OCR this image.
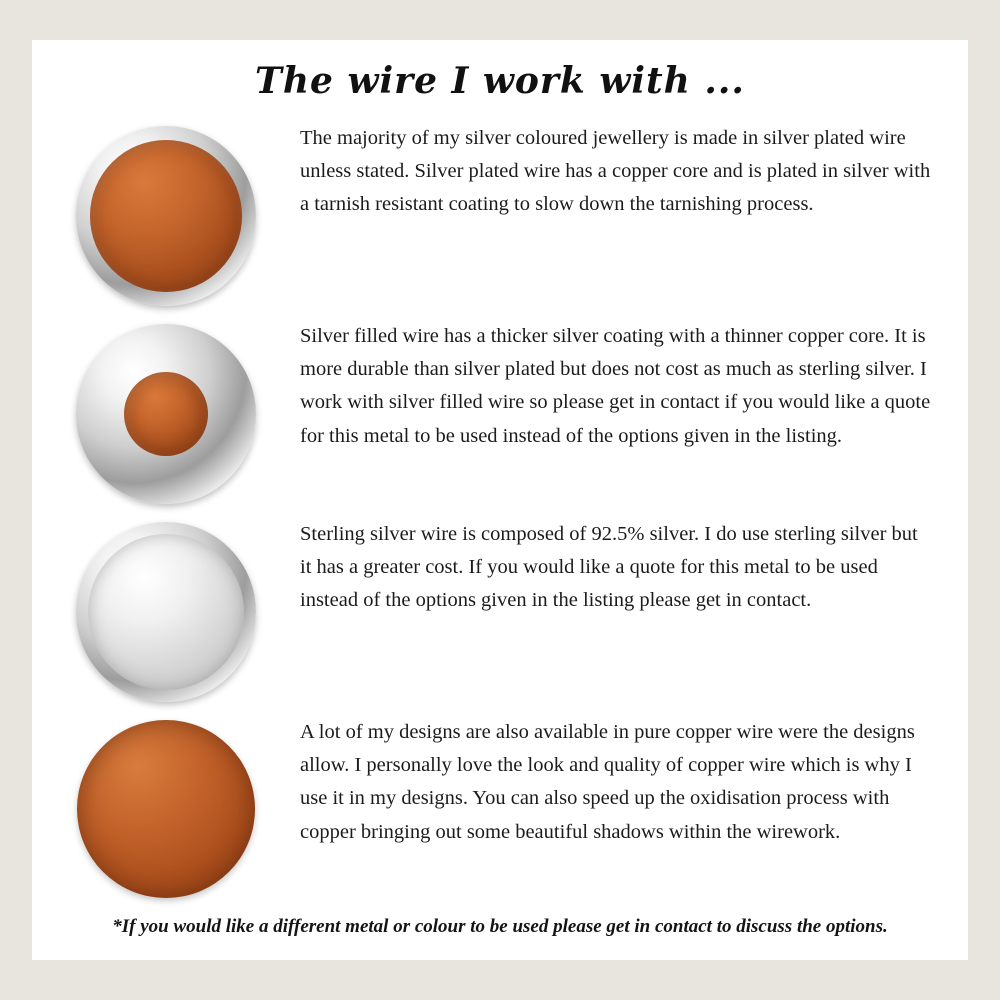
The wire I work with ...
The majority of my silver coloured jewellery is made in silver plated wire unless stated. Silver plated wire has a copper core and is plated in silver with a tarnish resistant coating to slow down the tarnishing process.
Silver filled wire has a thicker silver coating with a thinner copper core. It is more durable than silver plated but does not cost as much as sterling silver. I work with silver filled wire so please get in contact if you would like a quote for this metal to be used instead of the options given in the listing.
Sterling silver wire is composed of 92.5% silver. I do use sterling silver but it has a greater cost. If you would like a quote for this metal to be used instead of the options given in the listing please get in contact.
A lot of my designs are also available in pure copper wire were the designs allow. I personally love the look and quality of copper wire which is why I use it in my designs. You can also speed up the oxidisation process with copper bringing out some beautiful shadows within the wirework.
*If you would like a different metal or colour to be used please get in contact to discuss the options.
